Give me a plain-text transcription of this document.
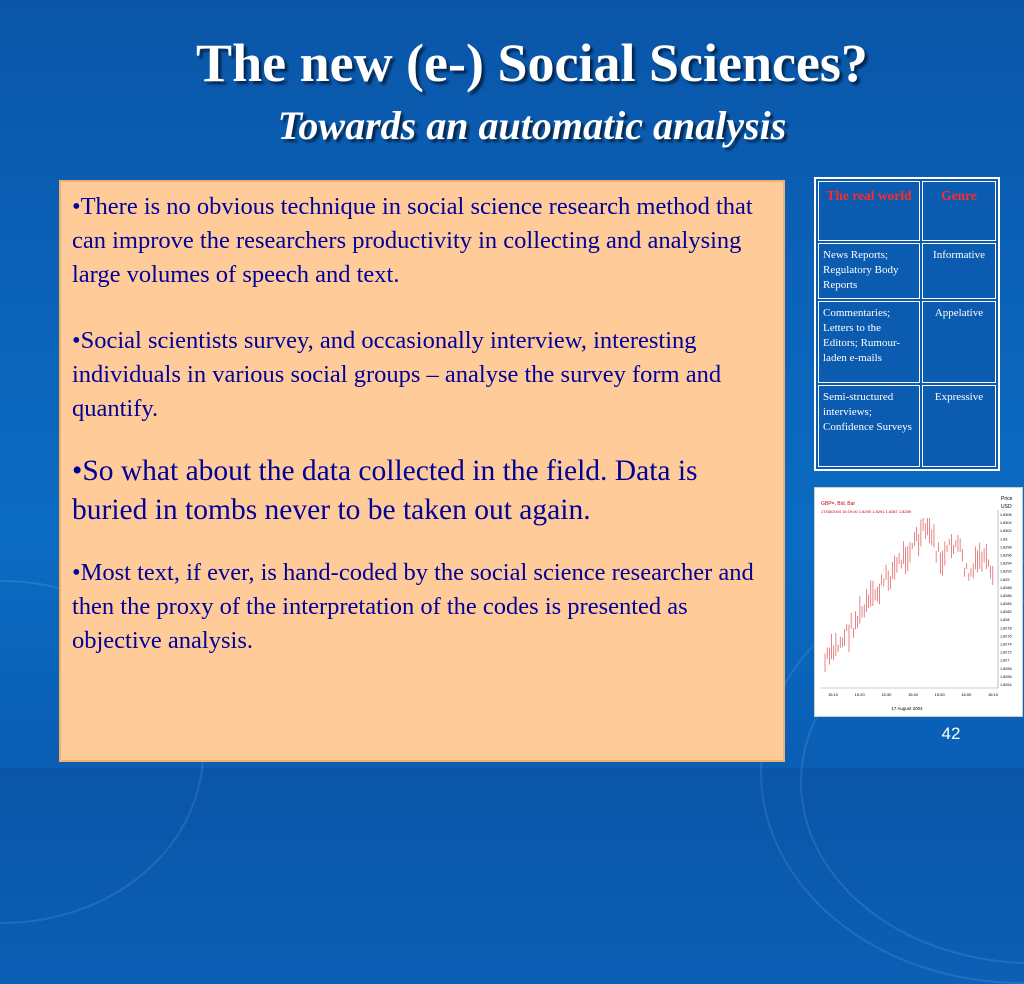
The new (e-) Social Sciences?
Towards an automatic analysis

•There is no obvious technique in social science research method that can improve the researchers productivity in collecting and analysing large volumes of speech and text.

•Social scientists survey, and occasionally interview, interesting individuals in various social groups – analyse the survey form and quantify.

•So what about the data collected in the field. Data is buried in tombs never to be taken out again.

•Most text, if ever, is hand-coded by the social science researcher and then the proxy of the interpretation of the codes is presented as objective analysis.

The real world	Genre
News Reports; Regulatory Body Reports	Informative
Commentaries; Letters to the Editors; Rumour-laden e-mails	Appelative
Semi-structured interviews; Confidence Surveys	Expressive
GBP=, Bid, Bar
17/08/2004 16:19:00 1.8290 1.8291 1.8287 1.8289
Price
USD
1.8306
1.8304
1.8302
1.83
1.8298
1.8296
1.8294
1.8292
1.829
1.8288
1.8286
1.8284
1.8282
1.828
1.8278
1.8276
1.8274
1.8272
1.827
1.8268
1.8266
1.8264
15:10	15:20	15:30	15:40	15:50	16:00	16:10
17 August 2004
42
